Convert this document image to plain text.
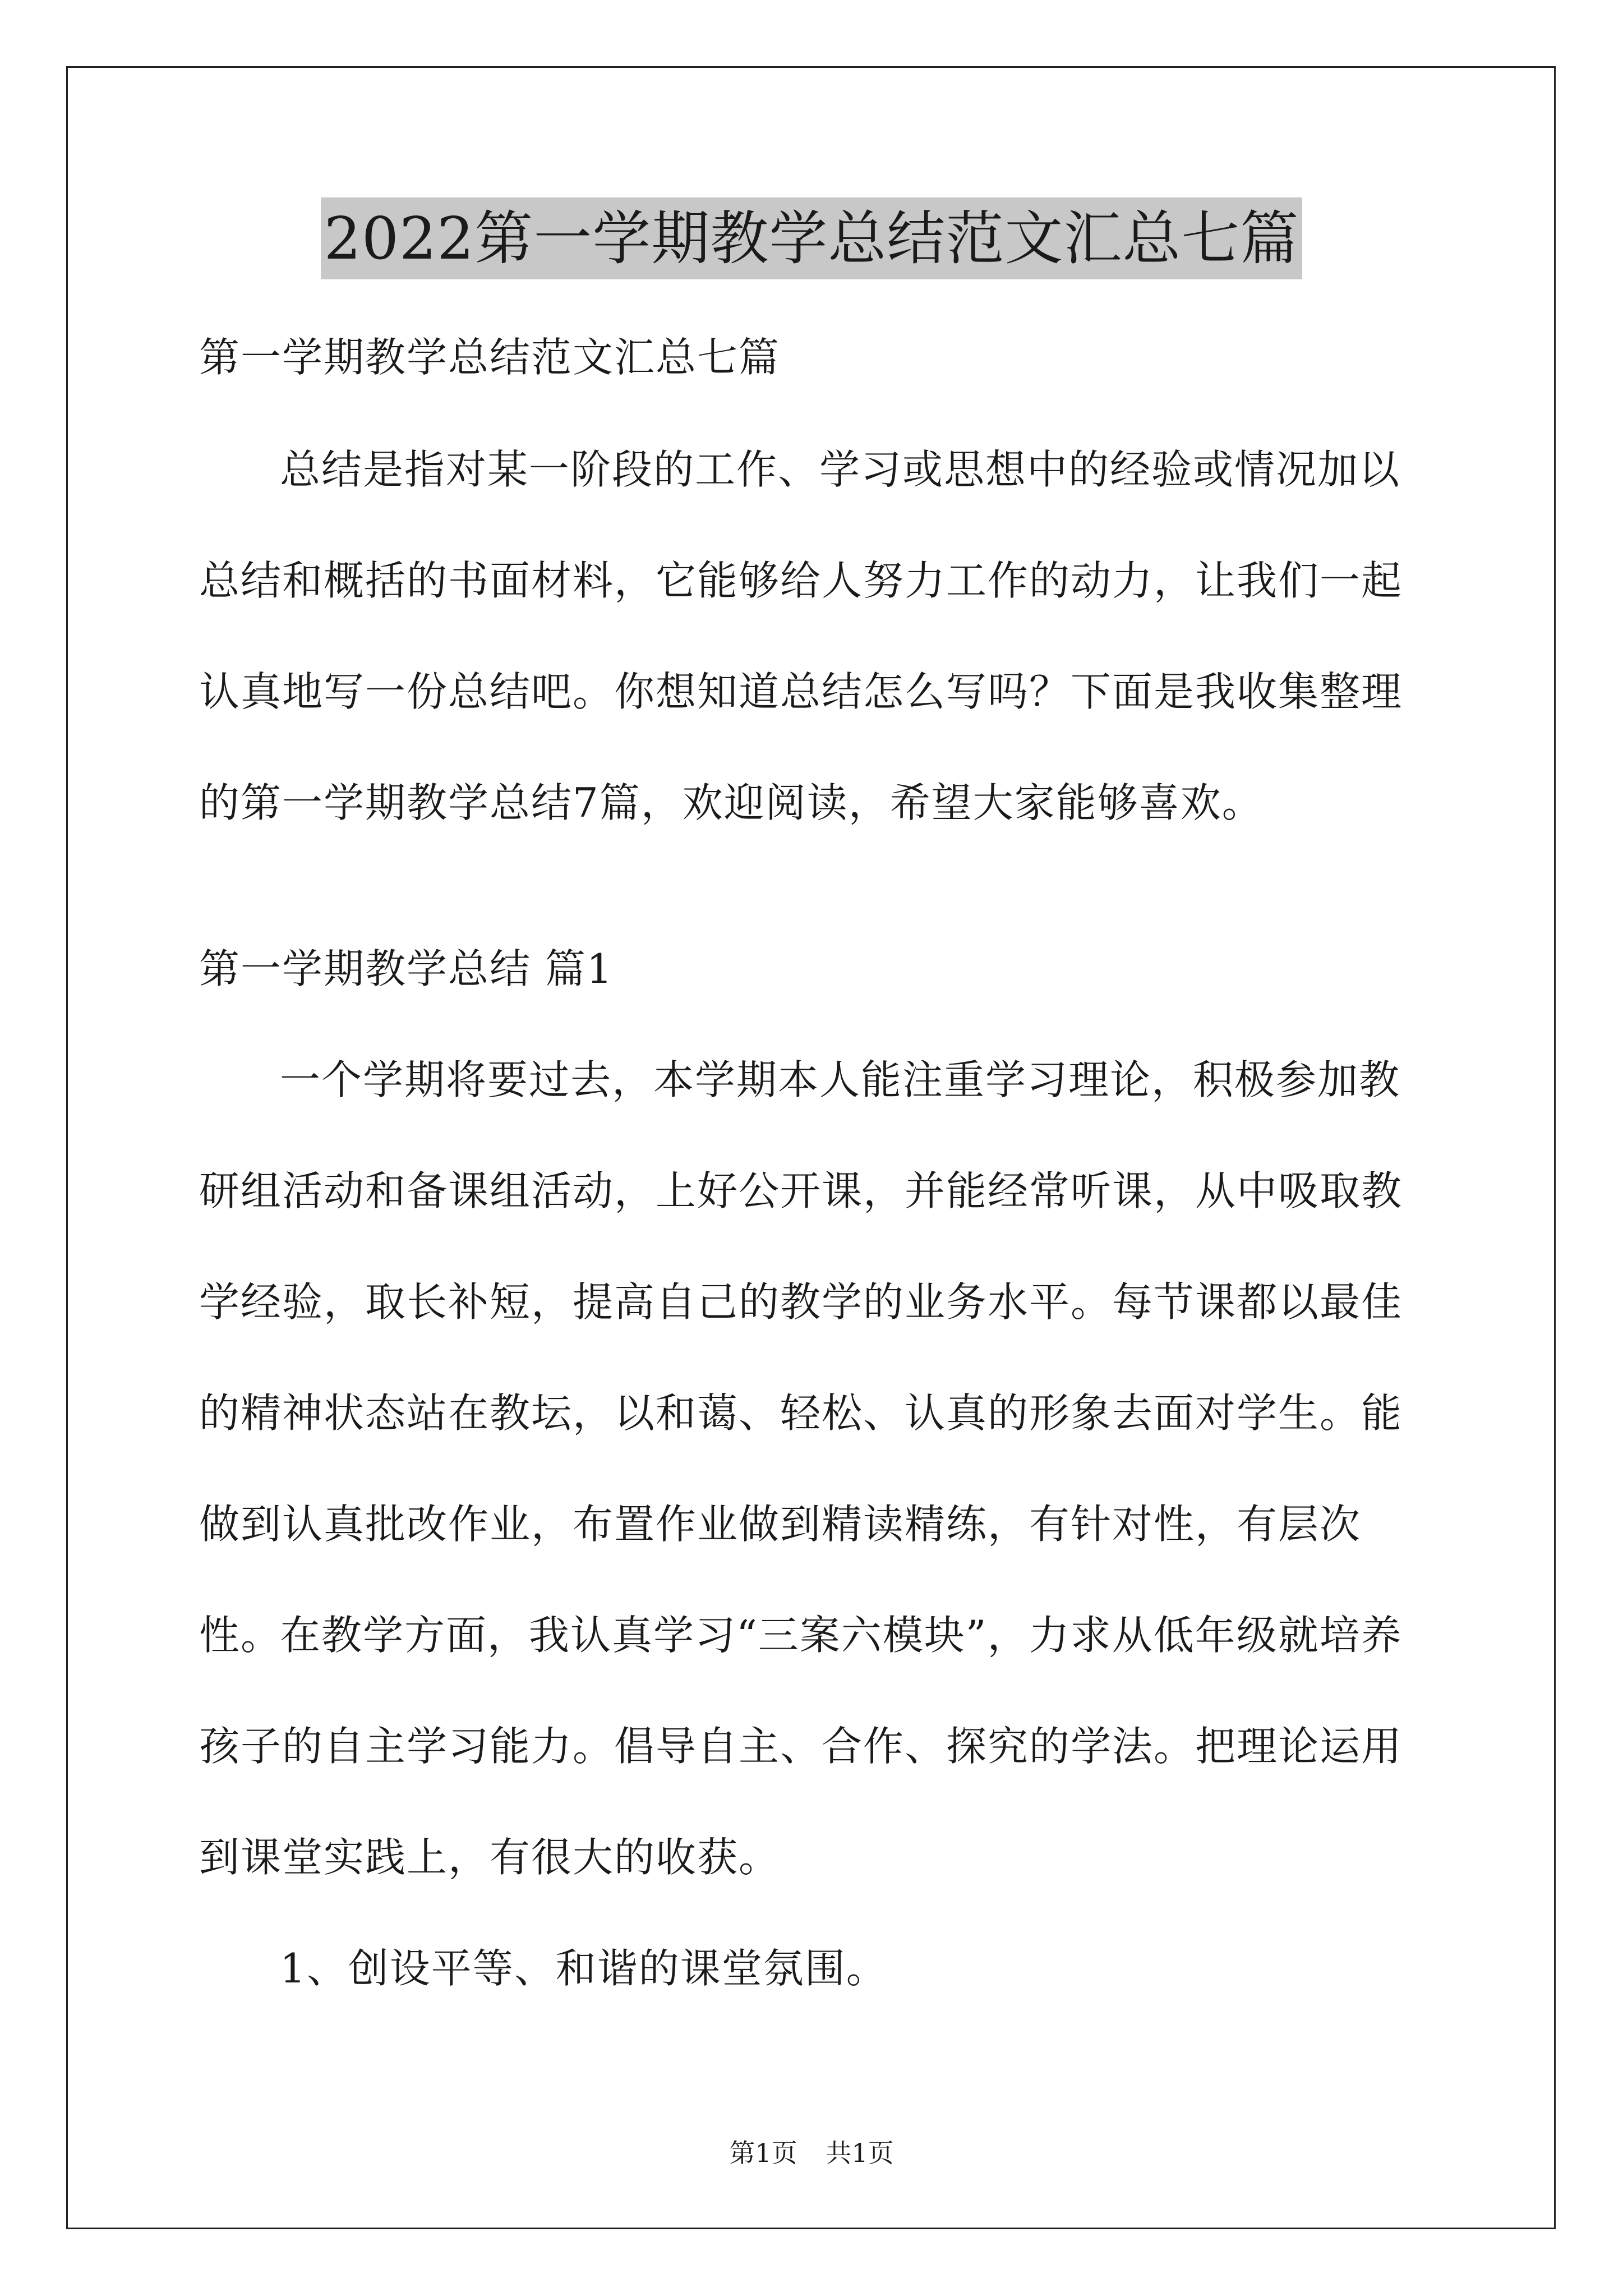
2022第一学期教学总结范文汇总七篇

第一学期教学总结范文汇总七篇

总结是指对某一阶段的工作、学习或思想中的经验或情况加以总结和概括的书面材料，它能够给人努力工作的动力，让我们一起认真地写一份总结吧。你想知道总结怎么写吗？下面是我收集整理的第一学期教学总结7篇，欢迎阅读，希望大家能够喜欢。

第一学期教学总结 篇1

一个学期将要过去，本学期本人能注重学习理论，积极参加教研组活动和备课组活动，上好公开课，并能经常听课，从中吸取教学经验，取长补短，提高自己的教学的业务水平。每节课都以最佳的精神状态站在教坛，以和蔼、轻松、认真的形象去面对学生。能做到认真批改作业，布置作业做到精读精练，有针对性，有层次性。

在教学方面，我认真学习“三案六模块”，力求从低年级就培养孩子的自主学习能力。倡导自主、合作、探究的学法。把理论运用到课堂实践上，有很大的收获。

1、创设平等、和谐的课堂氛围。

第1页 共1页
